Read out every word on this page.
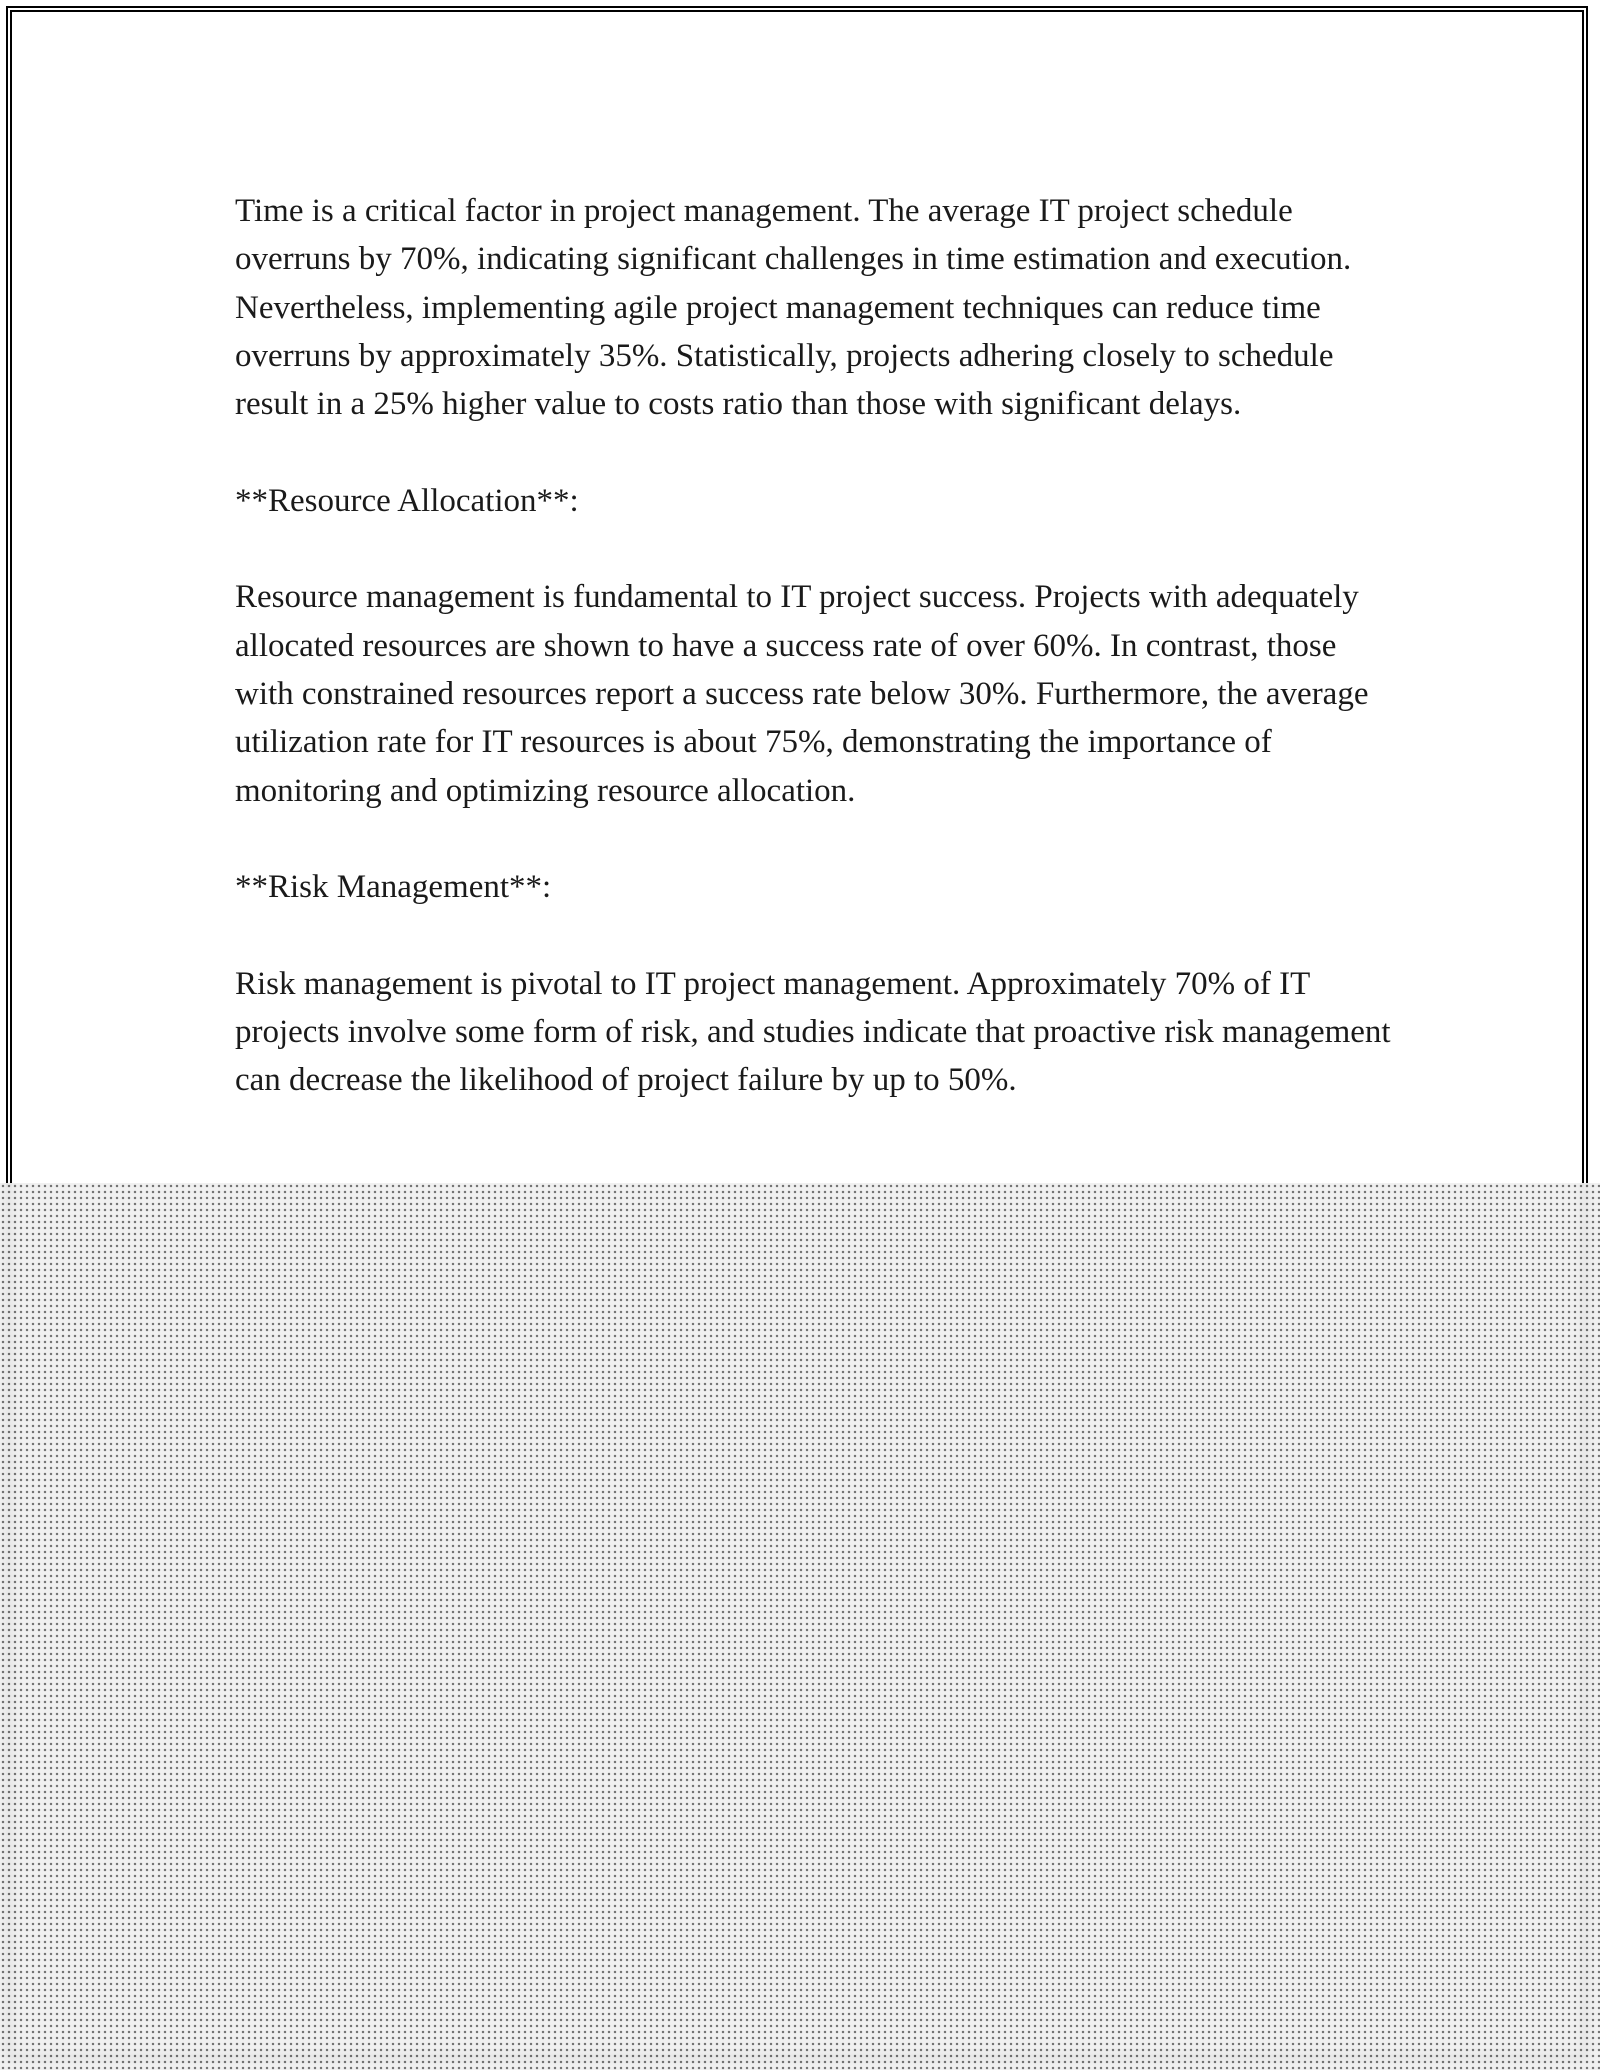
Time is a critical factor in project management. The average IT project schedule overruns by 70%, indicating significant challenges in time estimation and execution. Nevertheless, implementing agile project management techniques can reduce time overruns by approximately 35%. Statistically, projects adhering closely to schedule result in a 25% higher value to costs ratio than those with significant delays.

**Resource Allocation**:

Resource management is fundamental to IT project success. Projects with adequately allocated resources are shown to have a success rate of over 60%. In contrast, those with constrained resources report a success rate below 30%. Furthermore, the average utilization rate for IT resources is about 75%, demonstrating the importance of monitoring and optimizing resource allocation.

**Risk Management**:

Risk management is pivotal to IT project management. Approximately 70% of IT projects involve some form of risk, and studies indicate that proactive risk management can decrease the likelihood of project failure by up to 50%.
